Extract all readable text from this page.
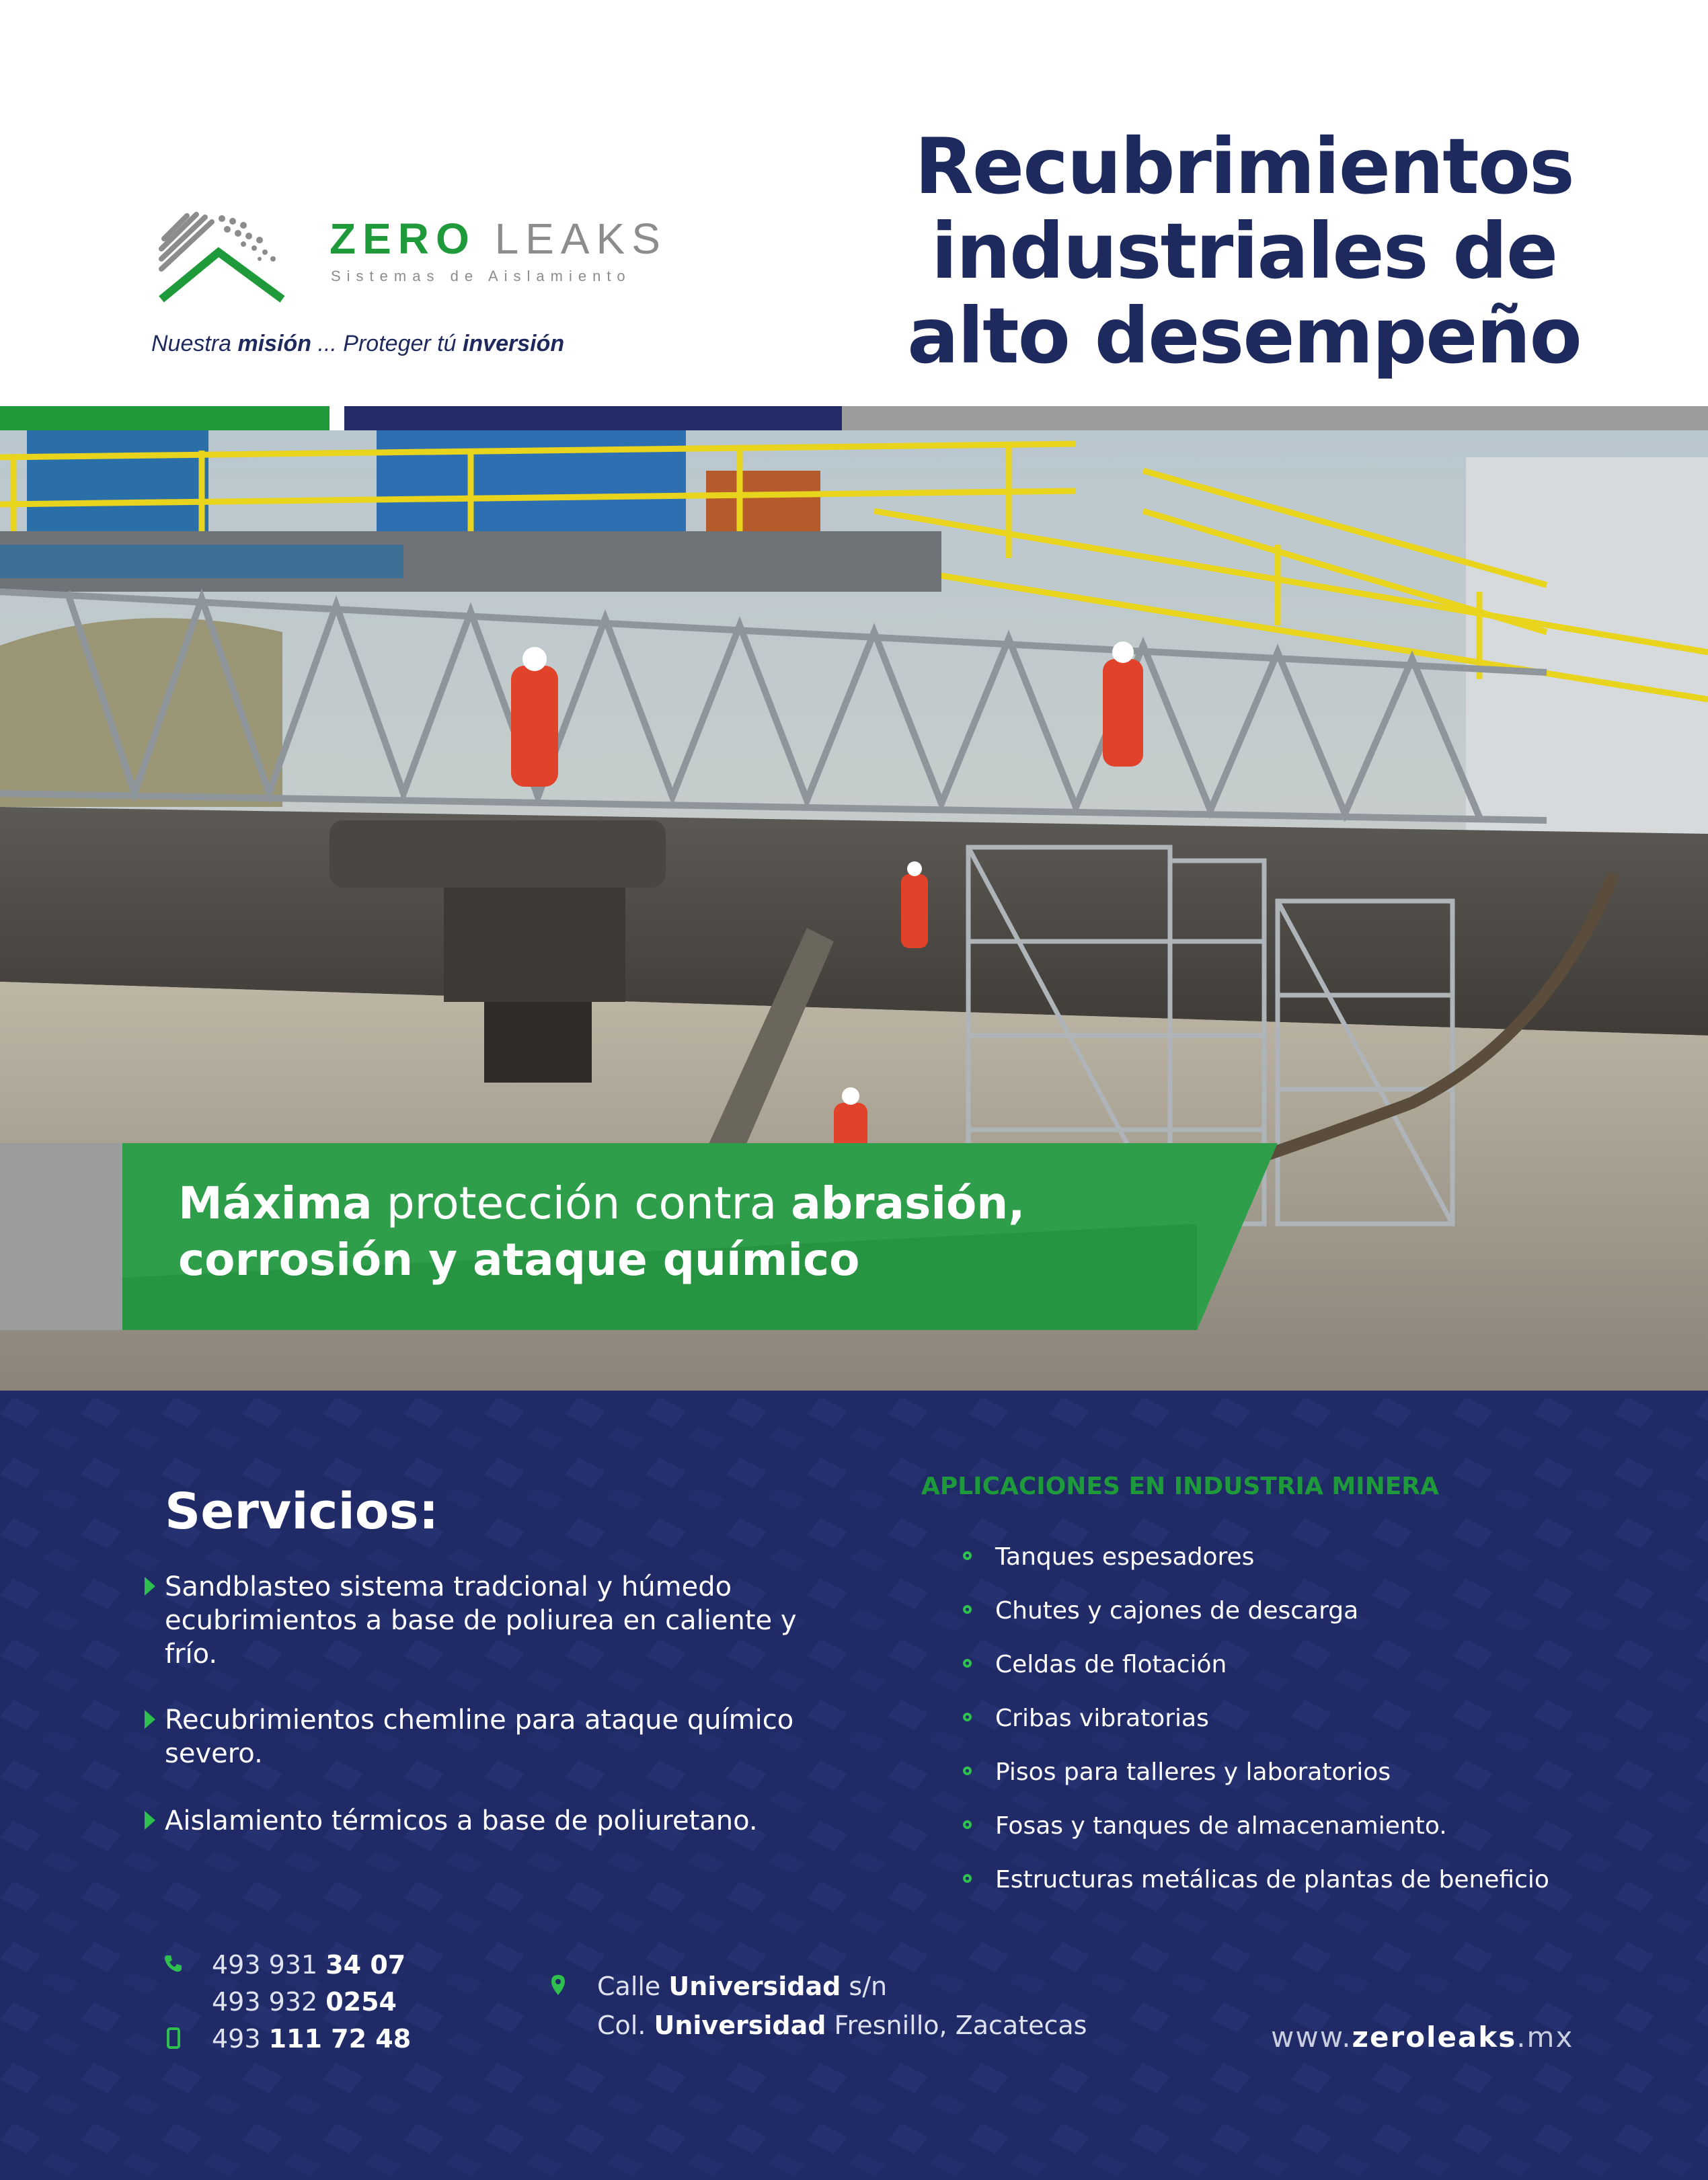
ZERO LEAKS
Sistemas de Aislamiento
Nuestra misión ... Proteger tú inversión
Recubrimientos
industriales de
alto desempeño
Máxima protección contra abrasión,
corrosión y ataque químico
Servicios:
Sandblasteo sistema tradcional y húmedo ecubrimientos a base de poliurea en caliente y frío.
Recubrimientos chemline para ataque químico severo.
Aislamiento térmicos a base de poliuretano.
APLICACIONES EN INDUSTRIA MINERA
Tanques espesadores
Chutes y cajones de descarga
Celdas de flotación
Cribas vibratorias
Pisos para talleres y laboratorios
Fosas y tanques de almacenamiento.
Estructuras metálicas de plantas de beneficio
493 931 34 07
493 932 0254
493 111 72 48
Calle Universidad s/n
Col. Universidad Fresnillo, Zacatecas	www.zeroleaks.mx
